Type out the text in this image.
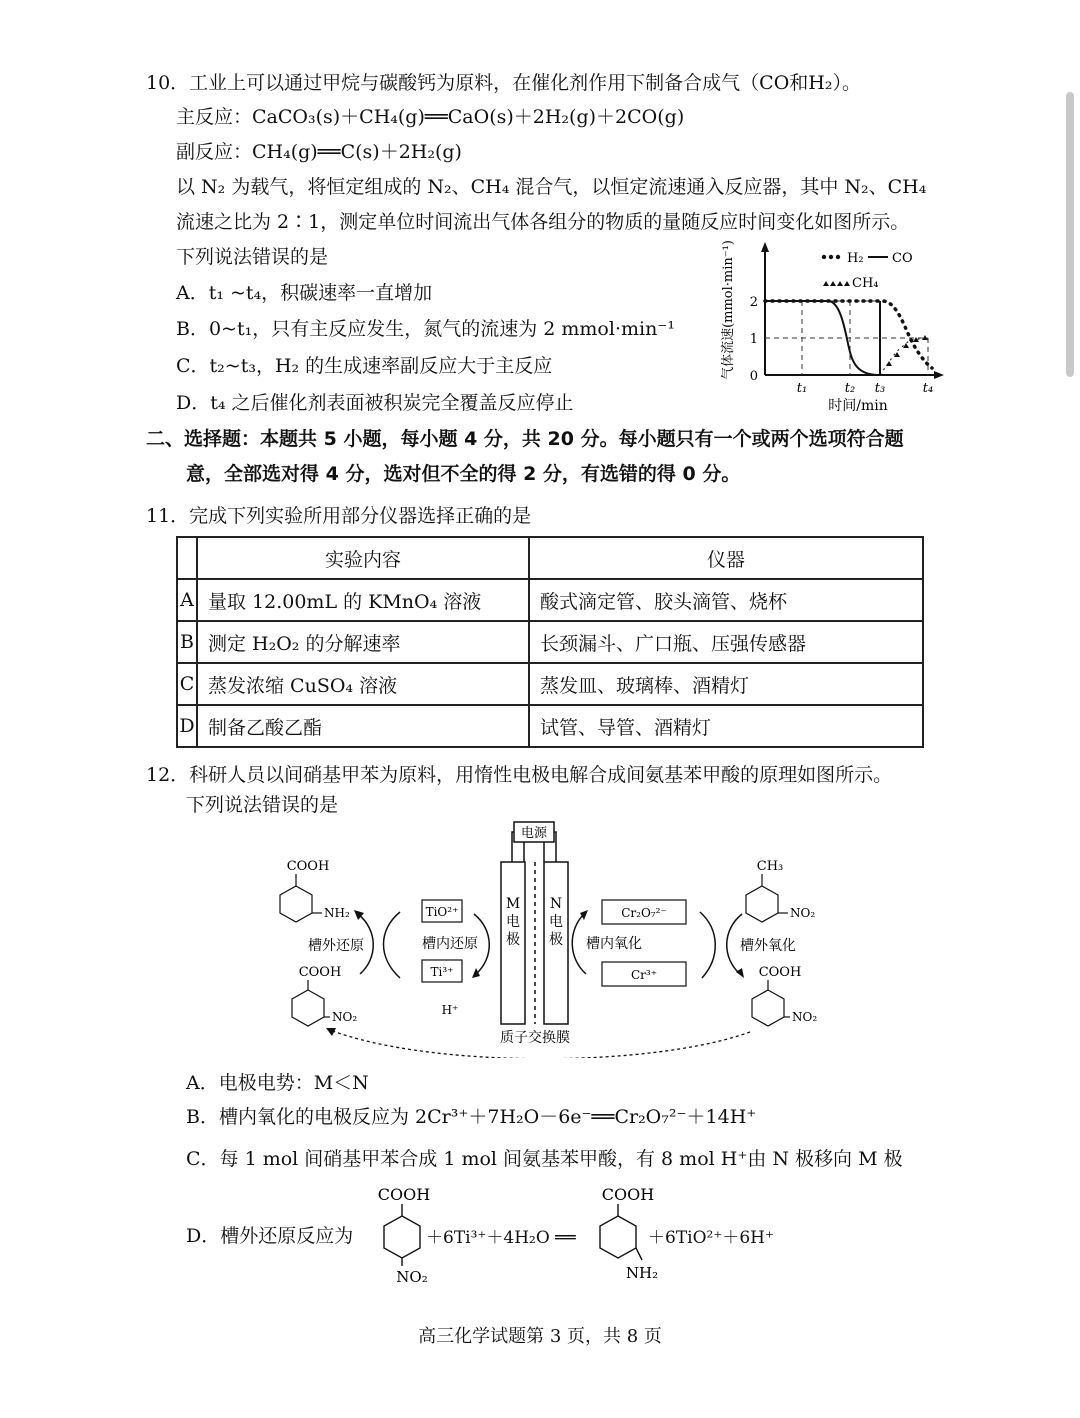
10．工业上可以通过甲烷与碳酸钙为原料，在催化剂作用下制备合成气（CO和H₂）。
主反应：CaCO₃(s)＋CH₄(g)══CaO(s)＋2H₂(g)＋2CO(g)
副反应：CH₄(g)══C(s)＋2H₂(g)
以 N₂ 为载气，将恒定组成的 N₂、CH₄ 混合气，以恒定流速通入反应器，其中 N₂、CH₄
流速之比为 2∶1，测定单位时间流出气体各组分的物质的量随反应时间变化如图所示。
下列说法错误的是
A．t₁ ~t₄，积碳速率一直增加
B．0~t₁，只有主反应发生，氮气的流速为 2 mmol·min⁻¹
C．t₂~t₃，H₂ 的生成速率副反应大于主反应
D．t₄ 之后催化剂表面被积炭完全覆盖反应停止
气体流速(mmol·min⁻¹)
时间/min
0
1
2
t₁	t₂ t₃	t₄
H₂ CO
CH₄
二、选择题：本题共 5 小题，每小题 4 分，共 20 分。每小题只有一个或两个选项符合题
意，全部选对得 4 分，选对但不全的得 2 分，有选错的得 0 分。
11．完成下列实验所用部分仪器选择正确的是
	实验内容	仪器
A	量取 12.00mL 的 KMnO₄ 溶液	酸式滴定管、胶头滴管、烧杯
B	测定 H₂O₂ 的分解速率	长颈漏斗、广口瓶、压强传感器
C	蒸发浓缩 CuSO₄ 溶液	蒸发皿、玻璃棒、酒精灯
D	制备乙酸乙酯	试管、导管、酒精灯
12．科研人员以间硝基甲苯为原料，用惰性电极电解合成间氨基苯甲酸的原理如图所示。
下列说法错误的是
电源
M
电
极
N
电
极
质子交换膜
TiO²⁺
Ti³⁺
槽内还原
H⁺
槽外还原
COOH
NH₂
COOH
NO₂
Cr₂O₇²⁻
Cr³⁺
槽内氧化	槽外氧化
CH₃
NO₂
COOH
NO₂
A．电极电势：M＜N
B．槽内氧化的电极反应为 2Cr³⁺＋7H₂O－6e⁻══Cr₂O₇²⁻＋14H⁺
C．每 1 mol 间硝基甲苯合成 1 mol 间氨基苯甲酸，有 8 mol H⁺由 N 极移向 M 极
D．槽外还原反应为
COOH
NO₂
＋6Ti³⁺＋4H₂O ══
COOH
NH₂
＋6TiO²⁺＋6H⁺
高三化学试题第 3 页，共 8 页
